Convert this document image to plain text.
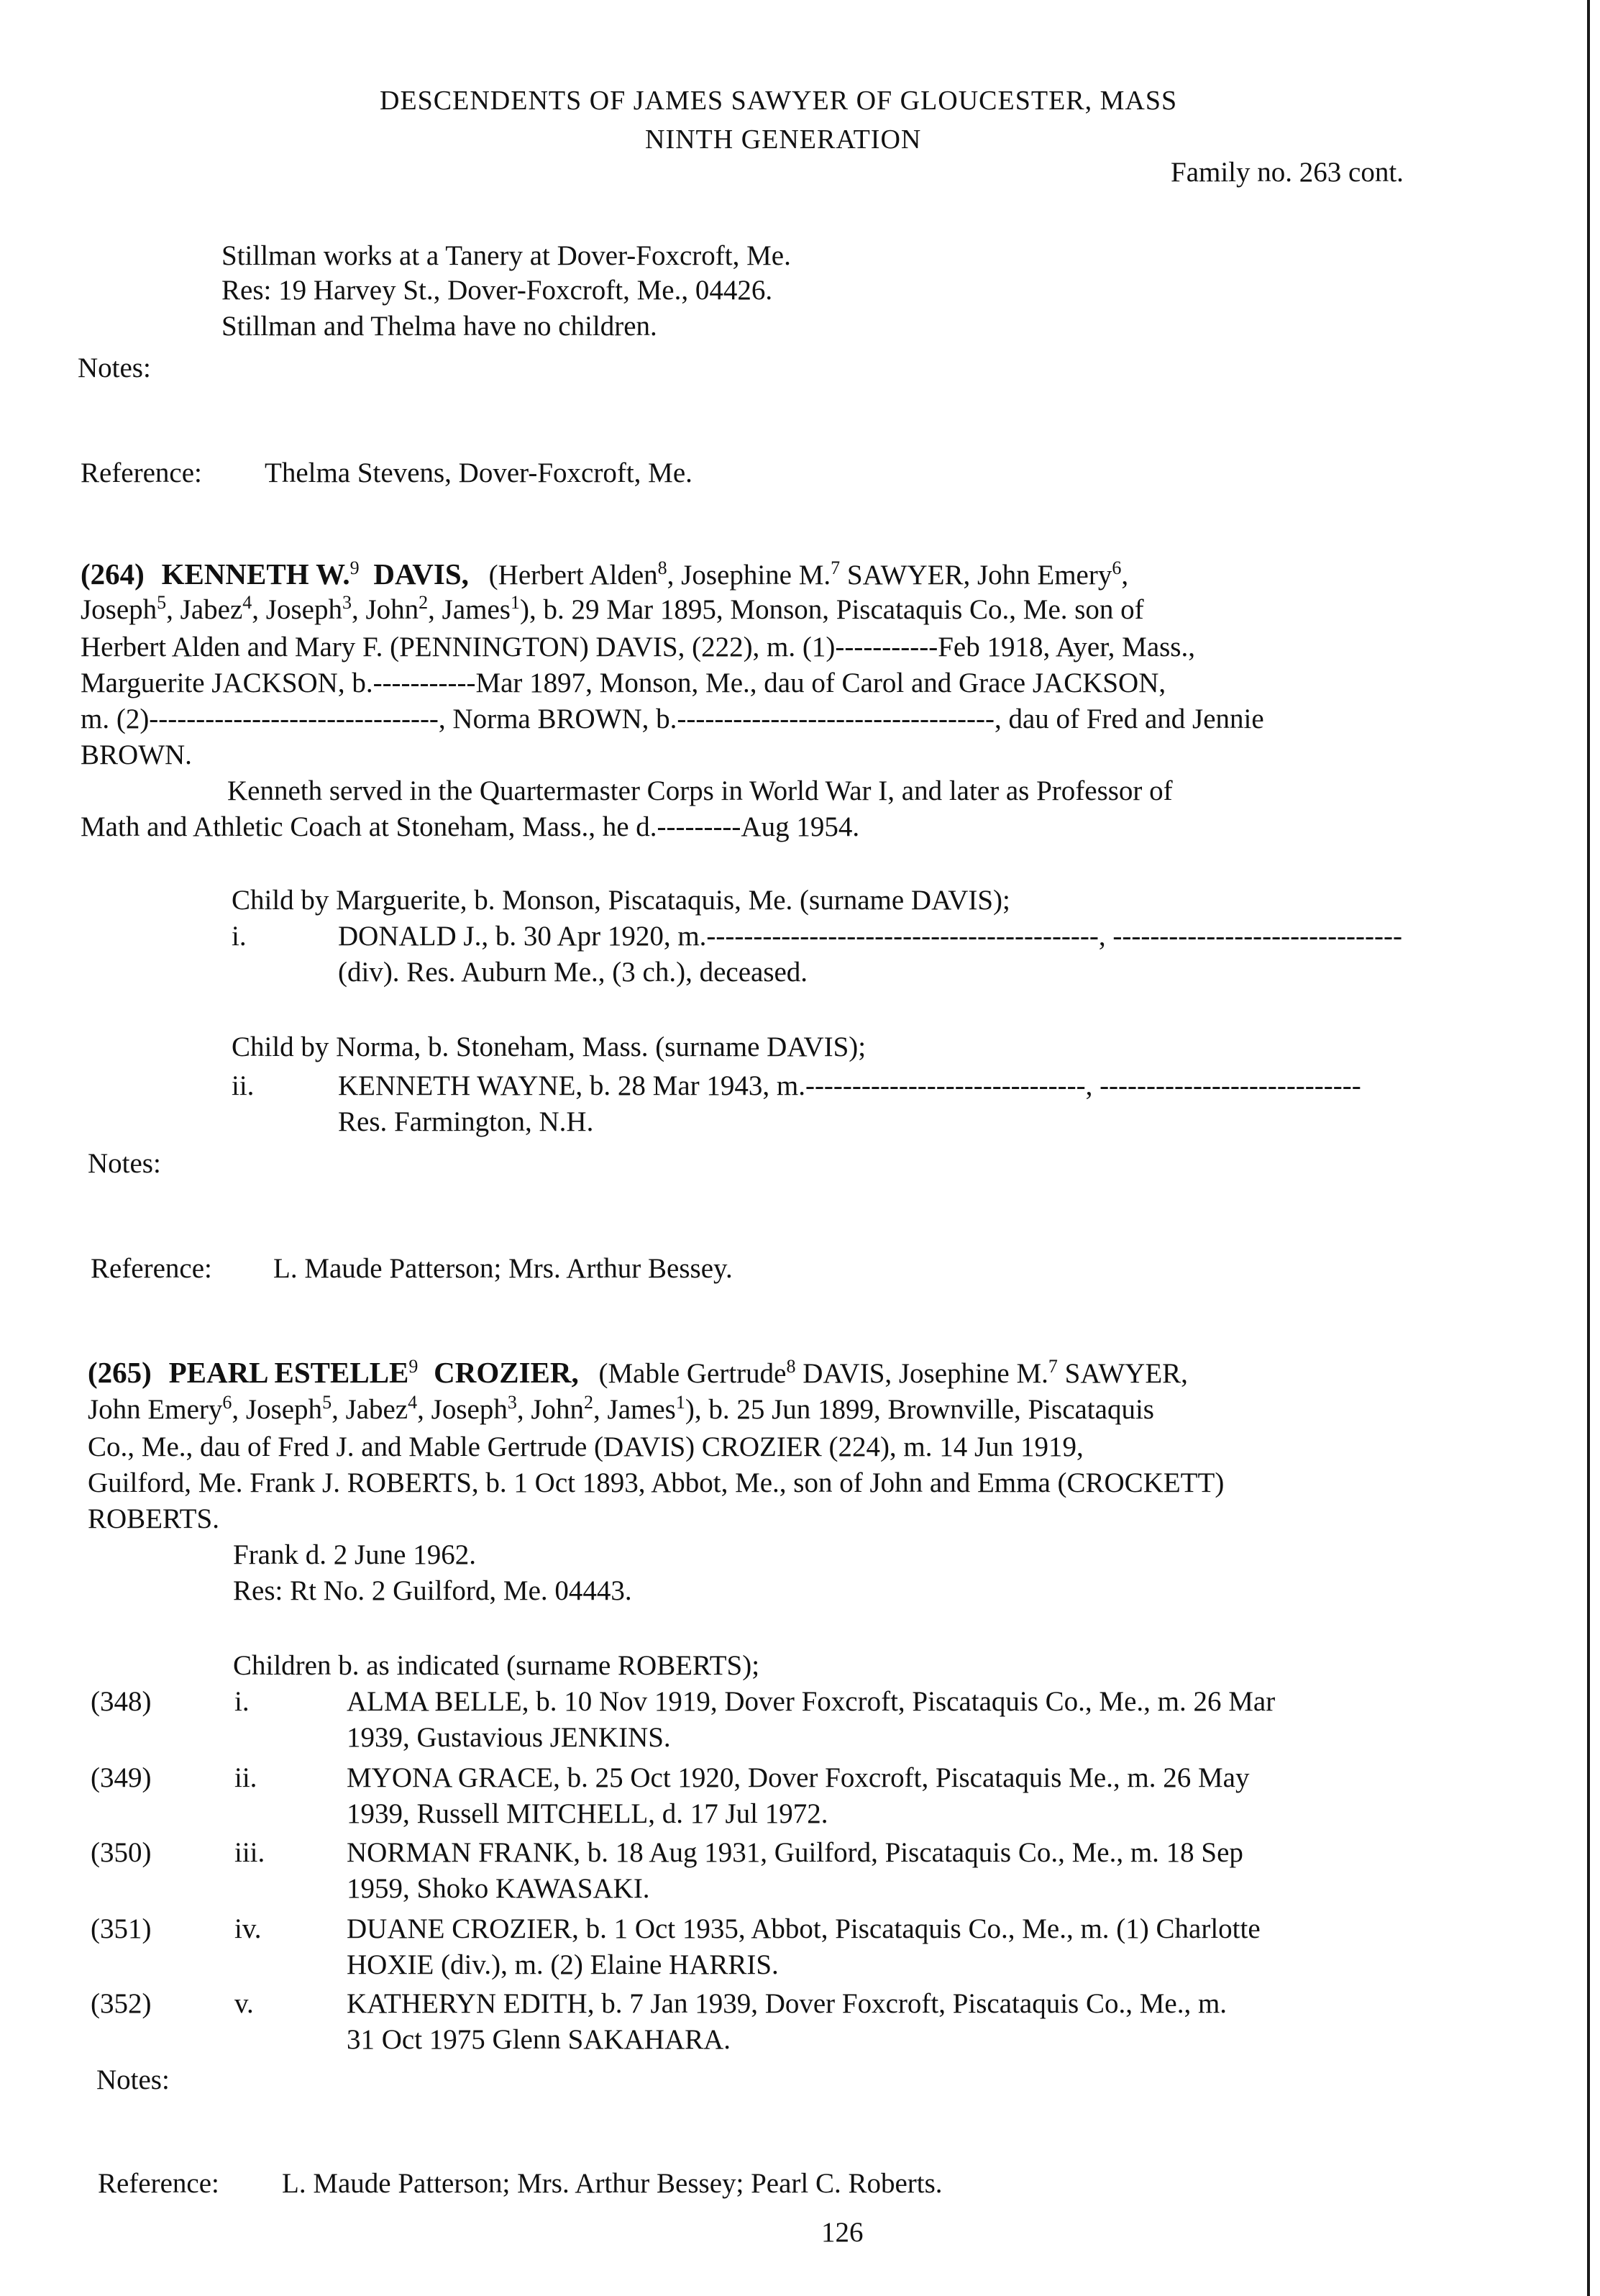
DESCENDENTS OF JAMES SAWYER OF GLOUCESTER, MASS
NINTH GENERATION
Family no. 263 cont.
Stillman works at a Tanery at Dover-Foxcroft, Me.
Res: 19 Harvey St., Dover-Foxcroft, Me., 04426.
Stillman and Thelma have no children.
Notes:
Reference: Thelma Stevens, Dover-Foxcroft, Me.
(264) KENNETH W.$^9$ DAVIS, (Herbert Alden$^8$, Josephine M.$^7$ SAWYER, John Emery$^6$,
Joseph$^5$, Jabez$^4$, Joseph$^3$, John$^2$, James$^1$), b. 29 Mar 1895, Monson, Piscataquis Co., Me. son of
Herbert Alden and Mary F. (PENNINGTON) DAVIS, (222), m. (1)-----------Feb 1918, Ayer, Mass.,
Marguerite JACKSON, b.-----------Mar 1897, Monson, Me., dau of Carol and Grace JACKSON,
m. (2)-------------------------------, Norma BROWN, b.----------------------------------, dau of Fred and Jennie
BROWN.
Kenneth served in the Quartermaster Corps in World War I, and later as Professor of
Math and Athletic Coach at Stoneham, Mass., he d.---------Aug 1954.
Child by Marguerite, b. Monson, Piscataquis, Me. (surname DAVIS);
i.	DONALD J., b. 30 Apr 1920, m.------------------------------------------, -------------------------------
(div). Res. Auburn Me., (3 ch.), deceased.
Child by Norma, b. Stoneham, Mass. (surname DAVIS);
ii.	KENNETH WAYNE, b. 28 Mar 1943, m.------------------------------, ----------------------------
Res. Farmington, N.H.
Notes:
Reference: L. Maude Patterson; Mrs. Arthur Bessey.
(265) PEARL ESTELLE$^9$ CROZIER, (Mable Gertrude$^8$ DAVIS, Josephine M.$^7$ SAWYER,
John Emery$^6$, Joseph$^5$, Jabez$^4$, Joseph$^3$, John$^2$, James$^1$), b. 25 Jun 1899, Brownville, Piscataquis
Co., Me., dau of Fred J. and Mable Gertrude (DAVIS) CROZIER (224), m. 14 Jun 1919,
Guilford, Me. Frank J. ROBERTS, b. 1 Oct 1893, Abbot, Me., son of John and Emma (CROCKETT)
ROBERTS.
Frank d. 2 June 1962.
Res: Rt No. 2 Guilford, Me. 04443.
Children b. as indicated (surname ROBERTS);
(348)	i.	ALMA BELLE, b. 10 Nov 1919, Dover Foxcroft, Piscataquis Co., Me., m. 26 Mar
1939, Gustavious JENKINS.
(349)	ii.	MYONA GRACE, b. 25 Oct 1920, Dover Foxcroft, Piscataquis Me., m. 26 May
1939, Russell MITCHELL, d. 17 Jul 1972.
(350)	iii.	NORMAN FRANK, b. 18 Aug 1931, Guilford, Piscataquis Co., Me., m. 18 Sep
1959, Shoko KAWASAKI.
(351)	iv.	DUANE CROZIER, b. 1 Oct 1935, Abbot, Piscataquis Co., Me., m. (1) Charlotte
HOXIE (div.), m. (2) Elaine HARRIS.
(352)	v.	KATHERYN EDITH, b. 7 Jan 1939, Dover Foxcroft, Piscataquis Co., Me., m.
31 Oct 1975 Glenn SAKAHARA.
Notes:
Reference: L. Maude Patterson; Mrs. Arthur Bessey; Pearl C. Roberts.
126
